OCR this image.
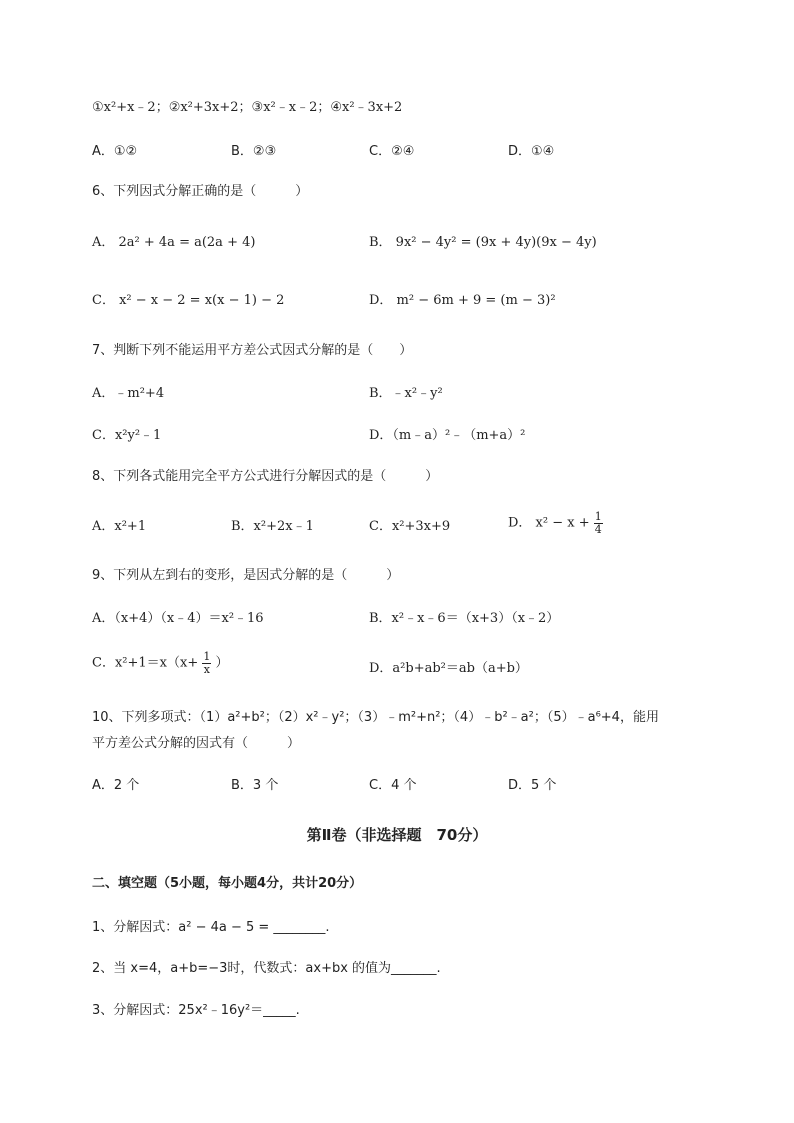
①x²+x﹣2；②x²+3x+2；③x²﹣x﹣2；④x²﹣3x+2
A．①②	B．②③	C．②④	D．①④
6、下列因式分解正确的是（　　　）
A． 2a² + 4a = a(2a + 4)	B． 9x² − 4y² = (9x + 4y)(9x − 4y)
C． x² − x − 2 = x(x − 1) − 2	D． m² − 6m + 9 = (m − 3)²
7、判断下列不能运用平方差公式因式分解的是（　　）
A．﹣m²+4	B．﹣x²﹣y²
C．x²y²﹣1	D．（m﹣a）²﹣（m+a）²
8、下列各式能用完全平方公式进行分解因式的是（　　　）
A．x²+1	B．x²+2x﹣1	C．x²+3x+9	D． $x^2 - x + \frac{1}{4}$
9、下列从左到右的变形，是因式分解的是（　　　）
A．（x+4）（x﹣4）＝x²﹣16	B．x²﹣x﹣6＝（x+3）（x﹣2）
C．$x^2+1=x(x+ \frac{1}{x}$ ）	D．a²b+ab²＝ab（a+b）
10、下列多项式：（1）a²+b²；（2）x²﹣y²；（3）﹣m²+n²；（4）﹣b²﹣a²；（5）﹣a⁶+4，能用
平方差公式分解的因式有（　　　）
A．2 个	B．3 个	C．4 个	D．5 个
第Ⅱ卷（非选择题　70分）
二、填空题（5小题，每小题4分，共计20分）
1、分解因式：a² − 4a − 5 = ________.
2、当 x=4，a+b=−3时，代数式：ax+bx 的值为_______.
3、分解因式：25x²﹣16y²＝_____.
